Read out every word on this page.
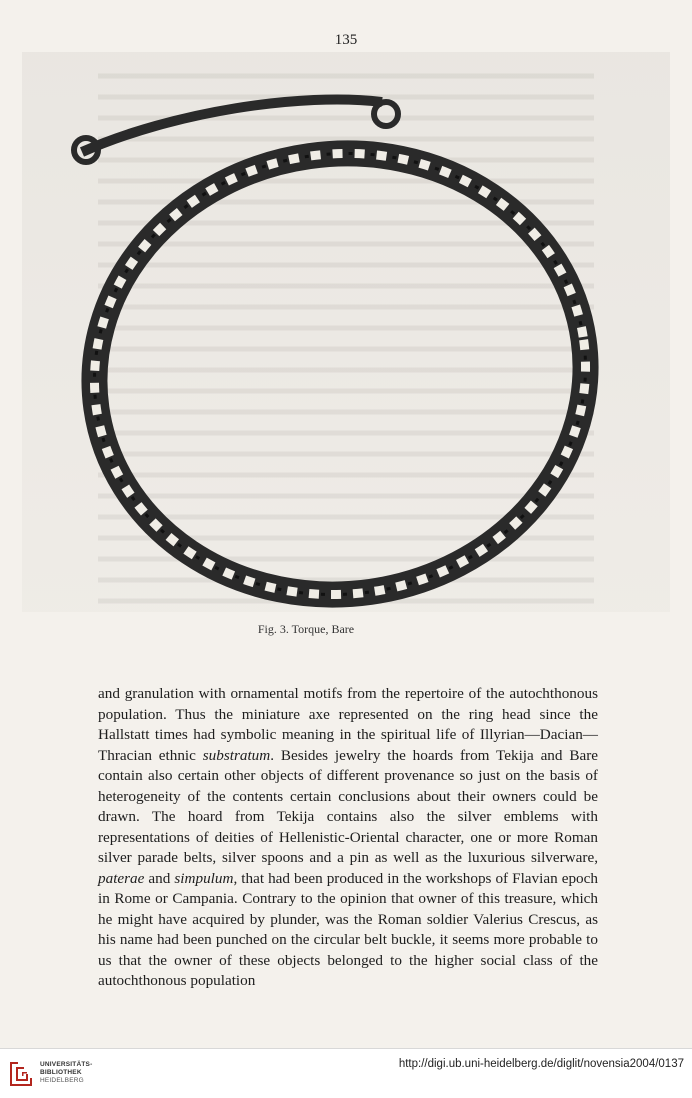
135
Fig. 3. Torque, Bare
and granulation with ornamental motifs from the repertoire of the autochthonous population. Thus the miniature axe represented on the ring head since the Hallstatt times had symbolic meaning in the spiritual life of Illyrian—Dacian—Thracian ethnic substratum. Besides jewelry the hoards from Tekija and Bare contain also certain other objects of different provenance so just on the basis of heterogeneity of the contents certain conclusions about their owners could be drawn. The hoard from Tekija contains also the silver emblems with representations of deities of Hellenistic-Oriental character, one or more Roman silver parade belts, silver spoons and a pin as well as the luxurious silverware, paterae and simpulum, that had been produced in the workshops of Flavian epoch in Rome or Campania. Contrary to the opinion that owner of this treasure, which he might have acquired by plunder, was the Roman soldier Valerius Crescus, as his name had been punched on the circular belt buckle, it seems more probable to us that the owner of these objects belonged to the higher social class of the autochthonous population
UNIVERSITÄTS-
BIBLIOTHEK
HEIDELBERG
http://digi.ub.uni-heidelberg.de/diglit/novensia2004/0137
